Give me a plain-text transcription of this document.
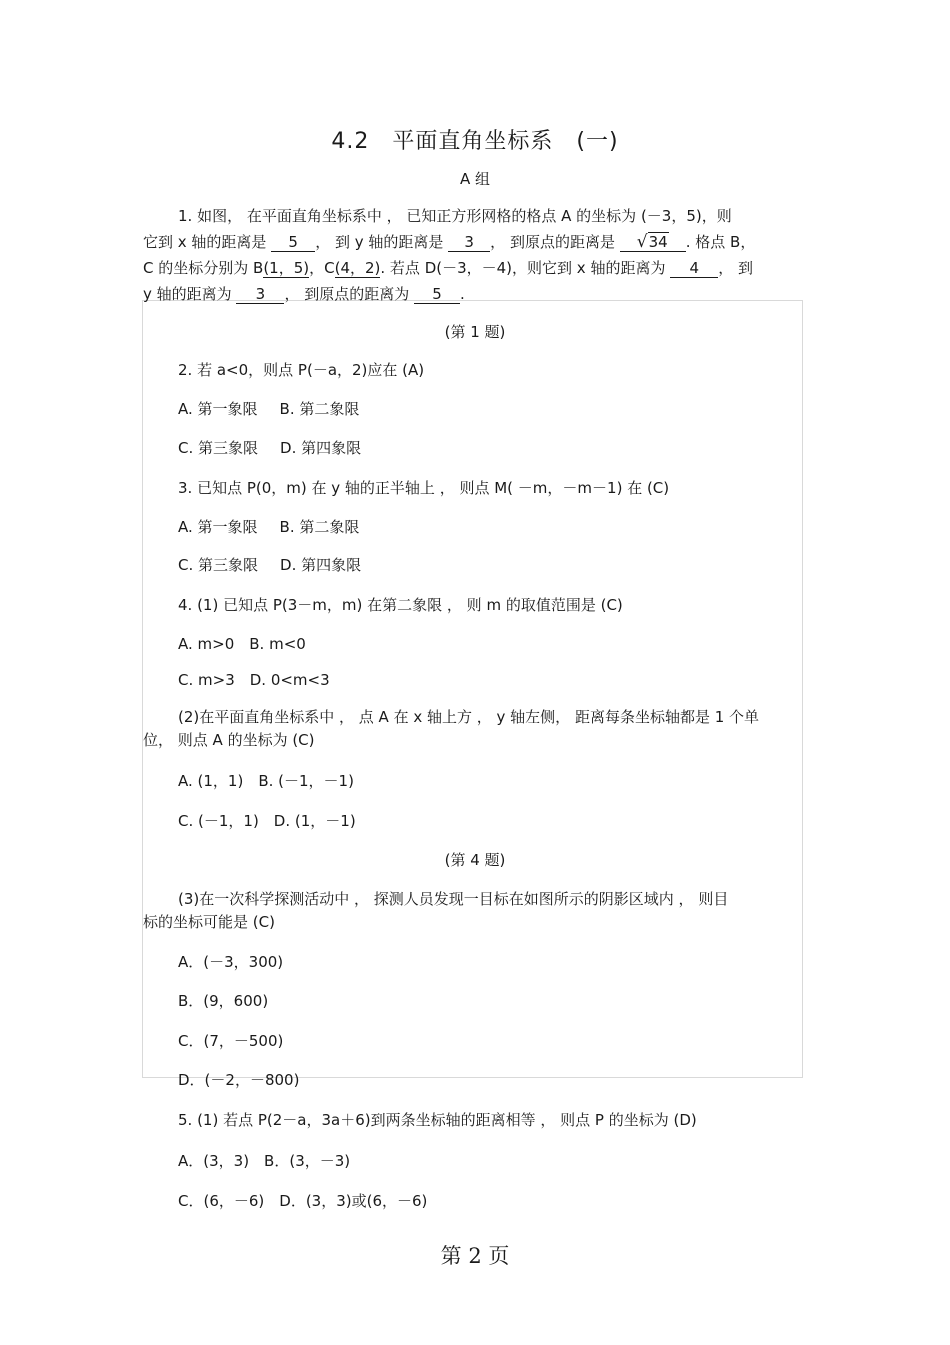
4.2　平面直角坐标系　(一)
A 组
1. 如图， 在平面直角坐标系中 ， 已知正方形网格的格点 A 的坐标为 (－3，5)，则
它到 x 轴的距离是 5 ， 到 y 轴的距离是 3 ， 到原点的距离是 √34 . 格点 B，
C 的坐标分别为 B(1，5)，C(4，2). 若点 D(－3，－4)，则它到 x 轴的距离为 4 ， 到
y 轴的距离为 3 ， 到原点的距离为 5 .
(第 1 题)
2. 若 a<0，则点 P(－a，2)应在 (A)
A. 第一象限 B. 第二象限
C. 第三象限 D. 第四象限
3. 已知点 P(0，m) 在 y 轴的正半轴上 ， 则点 M( －m，－m－1) 在 (C)
A. 第一象限 B. 第二象限
C. 第三象限 D. 第四象限
4. (1) 已知点 P(3－m，m) 在第二象限 ， 则 m 的取值范围是 (C)
A. m>0　B. m<0
C. m>3　D. 0<m<3
(2)在平面直角坐标系中 ， 点 A 在 x 轴上方 ， y 轴左侧， 距离每条坐标轴都是 1 个单
位， 则点 A 的坐标为 (C)
A. (1，1)　B. (－1，－1)
C. (－1，1)　D. (1，－1)
(第 4 题)
(3)在一次科学探测活动中 ， 探测人员发现一目标在如图所示的阴影区域内 ， 则目
标的坐标可能是 (C)
A．(－3，300)
B．(9，600)
C．(7，－500)
D．(－2，－800)
5. (1) 若点 P(2－a，3a＋6)到两条坐标轴的距离相等 ， 则点 P 的坐标为 (D)
A．(3，3)　B．(3，－3)
C．(6，－6)　D．(3，3)或(6，－6)
第 2 页
